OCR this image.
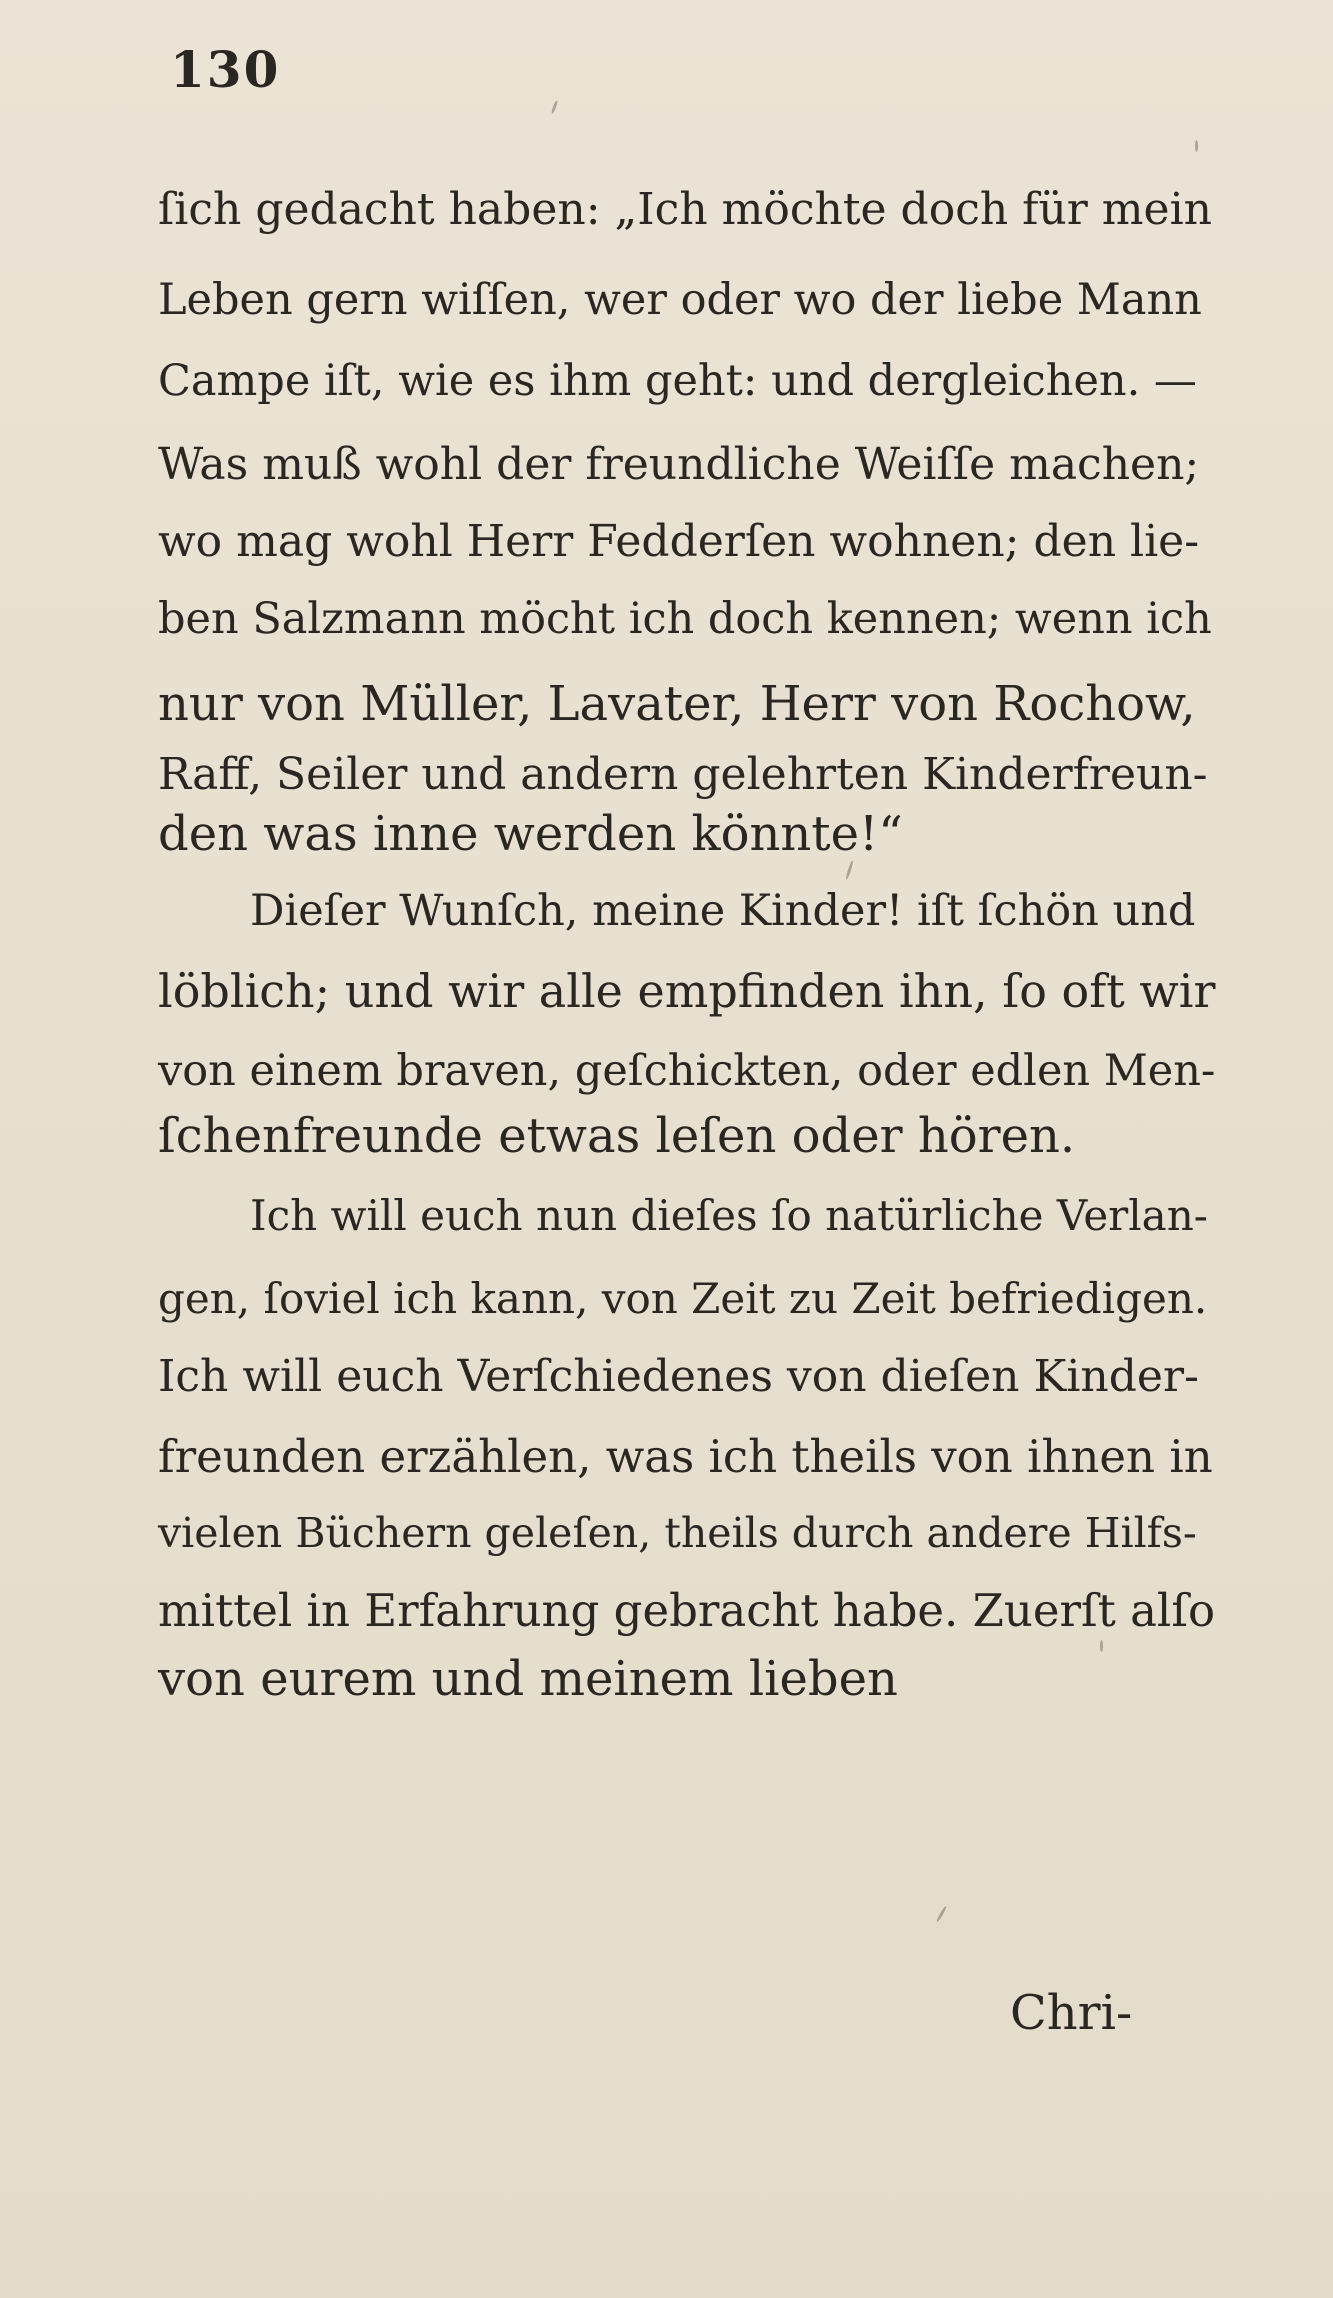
130
ſich gedacht haben: „Ich möchte doch für mein
Leben gern wiſſen, wer oder wo der liebe Mann
Campe iſt, wie es ihm geht: und dergleichen. —
Was muß wohl der freundliche Weiſſe machen;
wo mag wohl Herr Fedderſen wohnen; den lie-
ben Salzmann möcht ich doch kennen; wenn ich
nur von Müller, Lavater, Herr von Rochow,
Raff, Seiler und andern gelehrten Kinderfreun-
den was inne werden könnte!“
Dieſer Wunſch, meine Kinder! iſt ſchön und
löblich; und wir alle empfinden ihn, ſo oft wir
von einem braven, geſchickten, oder edlen Men-
ſchenfreunde etwas leſen oder hören.
Ich will euch nun dieſes ſo natürliche Verlan-
gen, ſoviel ich kann, von Zeit zu Zeit befriedigen.
Ich will euch Verſchiedenes von dieſen Kinder-
freunden erzählen, was ich theils von ihnen in
vielen Büchern geleſen, theils durch andere Hilfs-
mittel in Erfahrung gebracht habe. Zuerſt alſo
von eurem und meinem lieben
Chri-
